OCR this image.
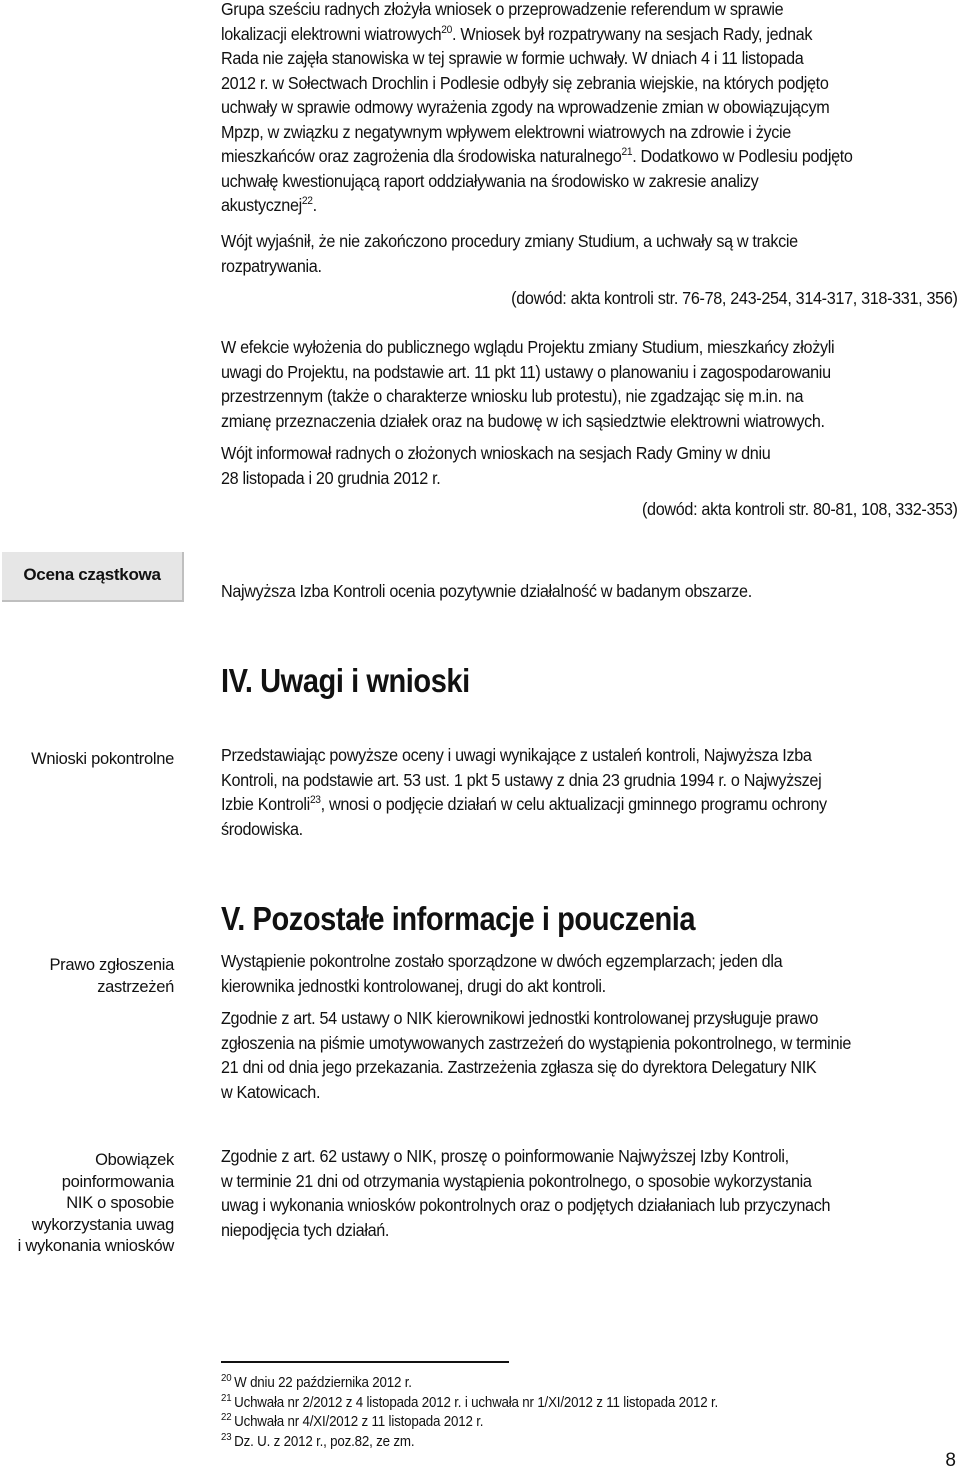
Grupa sześciu radnych złożyła wniosek o przeprowadzenie referendum w sprawie

lokalizacji elektrowni wiatrowych$^{20}$. Wniosek był rozpatrywany na sesjach Rady, jednak

Rada nie zajęła stanowiska w tej sprawie w formie uchwały. W dniach 4 i 11 listopada

2012 r. w Sołectwach Drochlin i Podlesie odbyły się zebrania wiejskie, na których podjęto

uchwały w sprawie odmowy wyrażenia zgody na wprowadzenie zmian w obowiązującym

Mpzp, w związku z negatywnym wpływem elektrowni wiatrowych na zdrowie i życie

mieszkańców oraz zagrożenia dla środowiska naturalnego$^{21}$. Dodatkowo w Podlesiu podjęto

uchwałę kwestionującą raport oddziaływania na środowisko w zakresie analizy

akustycznej$^{22}$.

Wójt wyjaśnił, że nie zakończono procedury zmiany Studium, a uchwały są w trakcie

rozpatrywania.

(dowód: akta kontroli str. 76-78, 243-254, 314-317, 318-331, 356)

W efekcie wyłożenia do publicznego wglądu Projektu zmiany Studium, mieszkańcy złożyli

uwagi do Projektu, na podstawie art. 11 pkt 11) ustawy o planowaniu i zagospodarowaniu

przestrzennym (także o charakterze wniosku lub protestu), nie zgadzając się m.in. na

zmianę przeznaczenia działek oraz na budowę w ich sąsiedztwie elektrowni wiatrowych.

Wójt informował radnych o złożonych wnioskach na sesjach Rady Gminy w dniu

28 listopada i 20 grudnia 2012 r.

(dowód: akta kontroli str. 80-81, 108, 332-353)

Ocena cząstkowa

Najwyższa Izba Kontroli ocenia pozytywnie działalność w badanym obszarze.

IV. Uwagi i wnioski
Wnioski pokontrolne	Przedstawiając powyższe oceny i uwagi wynikające z ustaleń kontroli, Najwyższa Izba

Kontroli, na podstawie art. 53 ust. 1 pkt 5 ustawy z dnia 23 grudnia 1994 r. o Najwyższej

Izbie Kontroli$^{23}$, wnosi o podjęcie działań w celu aktualizacji gminnego programu ochrony

środowiska.

V. Pozostałe informacje i pouczenia
Prawo zgłoszenia
zastrzeżeń

Wystąpienie pokontrolne zostało sporządzone w dwóch egzemplarzach; jeden dla

kierownika jednostki kontrolowanej, drugi do akt kontroli.

Zgodnie z art. 54 ustawy o NIK kierownikowi jednostki kontrolowanej przysługuje prawo

zgłoszenia na piśmie umotywowanych zastrzeżeń do wystąpienia pokontrolnego, w terminie

21 dni od dnia jego przekazania. Zastrzeżenia zgłasza się do dyrektora Delegatury NIK

w Katowicach.

Obowiązek
poinformowania
NIK o sposobie
wykorzystania uwag
i wykonania wniosków

Zgodnie z art. 62 ustawy o NIK, proszę o poinformowanie Najwyższej Izby Kontroli,

w terminie 21 dni od otrzymania wystąpienia pokontrolnego, o sposobie wykorzystania

uwag i wykonania wniosków pokontrolnych oraz o podjętych działaniach lub przyczynach

niepodjęcia tych działań.

$^{20}$ W dniu 22 października 2012 r.
$^{21}$ Uchwała nr 2/2012 z 4 listopada 2012 r. i uchwała nr 1/XI/2012 z 11 listopada 2012 r.
$^{22}$ Uchwała nr 4/XI/2012 z 11 listopada 2012 r.
$^{23}$ Dz. U. z 2012 r., poz.82, ze zm.
8
